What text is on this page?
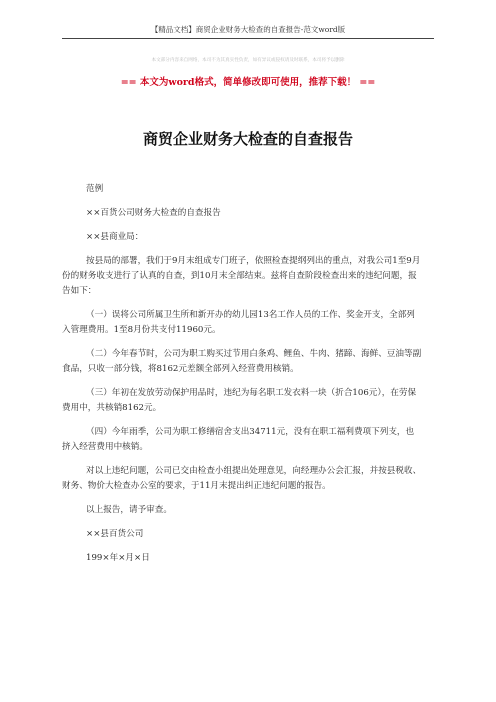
【精品文档】商贸企业财务大检查的自查报告-范文word版
本文部分内容来自网络，本司不为其真实性负责，如有异议或侵权请及时联系，本司将予以删除
== 本文为word格式，简单修改即可使用，推荐下载！ ==
商贸企业财务大检查的自查报告

范例

××百货公司财务大检查的自查报告

××县商业局：

按县局的部署，我们于9月末组成专门班子，依照检查提纲列出的重点，对我公司1至9月份的财务收支进行了认真的自查，到10月末全部结束。兹将自查阶段检查出来的违纪问题，报告如下：

（一）误将公司所属卫生所和新开办的幼儿园13名工作人员的工作、奖金开支，全部列入管理费用。1至8月份共支付11960元。

（二）今年春节时，公司为职工购买过节用白条鸡、鲤鱼、牛肉、猪蹄、海鲜、豆油等副食品，只收一部分钱，将8162元差额全部列入经营费用核销。

（三）年初在发放劳动保护用品时，违纪为每名职工发衣料一块（折合106元），在劳保费用中，共核销8162元。

（四）今年雨季，公司为职工修缮宿舍支出34711元，没有在职工福利费项下列支，也挤入经营费用中核销。

对以上违纪问题，公司已交由检查小组提出处理意见，向经理办公会汇报，并按县税收、财务、物价大检查办公室的要求，于11月末提出纠正违纪问题的报告。

以上报告，请予审查。

××县百货公司

199×年×月×日
